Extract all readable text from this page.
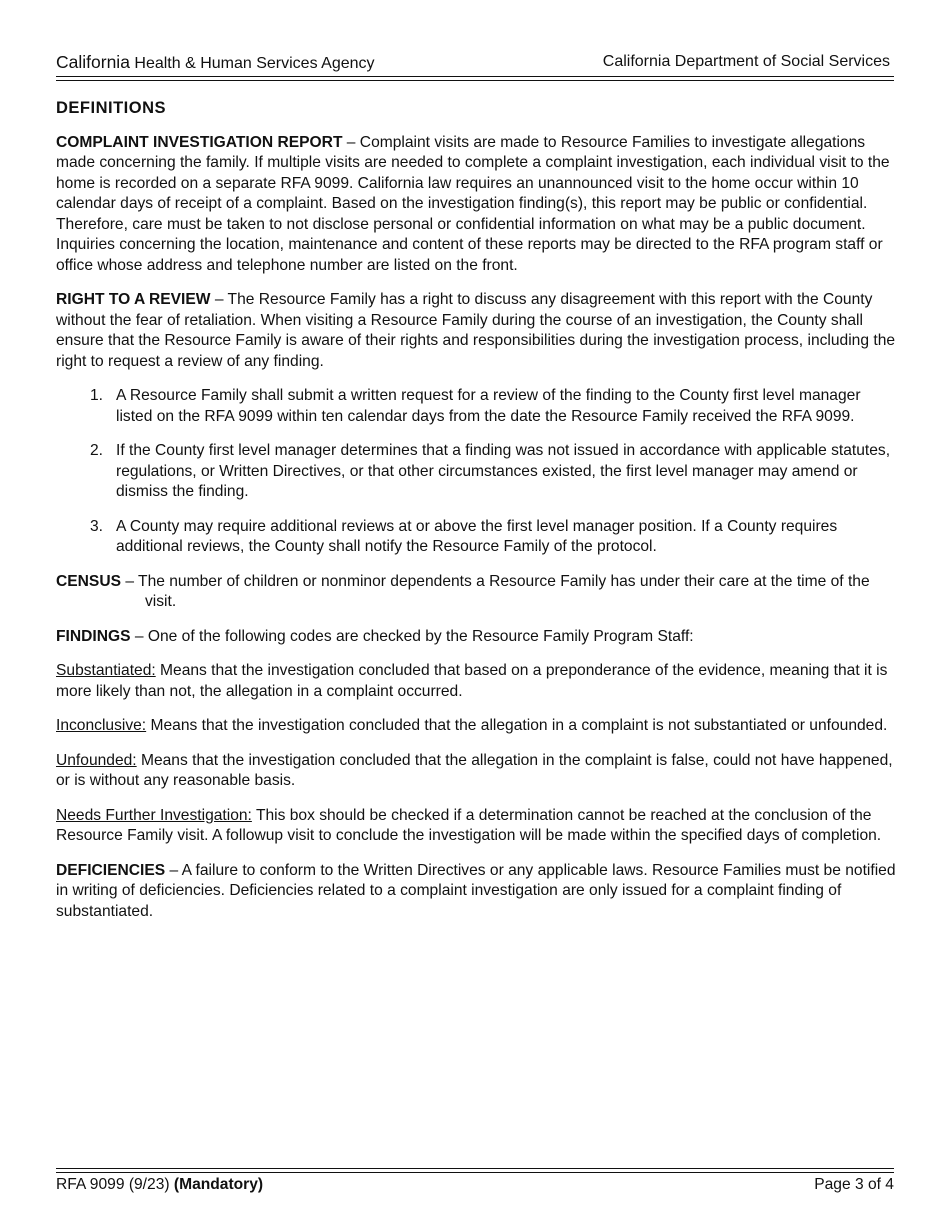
California Health & Human Services Agency	California Department of Social Services
DEFINITIONS

COMPLAINT INVESTIGATION REPORT – Complaint visits are made to Resource Families to investigate allegations made concerning the family. If multiple visits are needed to complete a complaint investigation, each individual visit to the home is recorded on a separate RFA 9099. California law requires an unannounced visit to the home occur within 10 calendar days of receipt of a complaint. Based on the investigation finding(s), this report may be public or confidential. Therefore, care must be taken to not disclose personal or confidential information on what may be a public document. Inquiries concerning the location, maintenance and content of these reports may be directed to the RFA program staff or office whose address and telephone number are listed on the front.

RIGHT TO A REVIEW – The Resource Family has a right to discuss any disagreement with this report with the County without the fear of retaliation. When visiting a Resource Family during the course of an investigation, the County shall ensure that the Resource Family is aware of their rights and responsibilities during the investigation process, including the right to request a review of any finding.

1. A Resource Family shall submit a written request for a review of the finding to the County first level manager listed on the RFA 9099 within ten calendar days from the date the Resource Family received the RFA 9099.
2. If the County first level manager determines that a finding was not issued in accordance with applicable statutes, regulations, or Written Directives, or that other circumstances existed, the first level manager may amend or dismiss the finding.
3. A County may require additional reviews at or above the first level manager position. If a County requires additional reviews, the County shall notify the Resource Family of the protocol.

CENSUS – The number of children or nonminor dependents a Resource Family has under their care at the time of the visit.

FINDINGS – One of the following codes are checked by the Resource Family Program Staff:

Substantiated: Means that the investigation concluded that based on a preponderance of the evidence, meaning that it is more likely than not, the allegation in a complaint occurred.

Inconclusive: Means that the investigation concluded that the allegation in a complaint is not substantiated or unfounded.

Unfounded: Means that the investigation concluded that the allegation in the complaint is false, could not have happened, or is without any reasonable basis.

Needs Further Investigation: This box should be checked if a determination cannot be reached at the conclusion of the Resource Family visit. A followup visit to conclude the investigation will be made within the specified days of completion.

DEFICIENCIES – A failure to conform to the Written Directives or any applicable laws. Resource Families must be notified in writing of deficiencies. Deficiencies related to a complaint investigation are only issued for a complaint finding of substantiated.

RFA 9099 (9/23) (Mandatory)	Page 3 of 4
